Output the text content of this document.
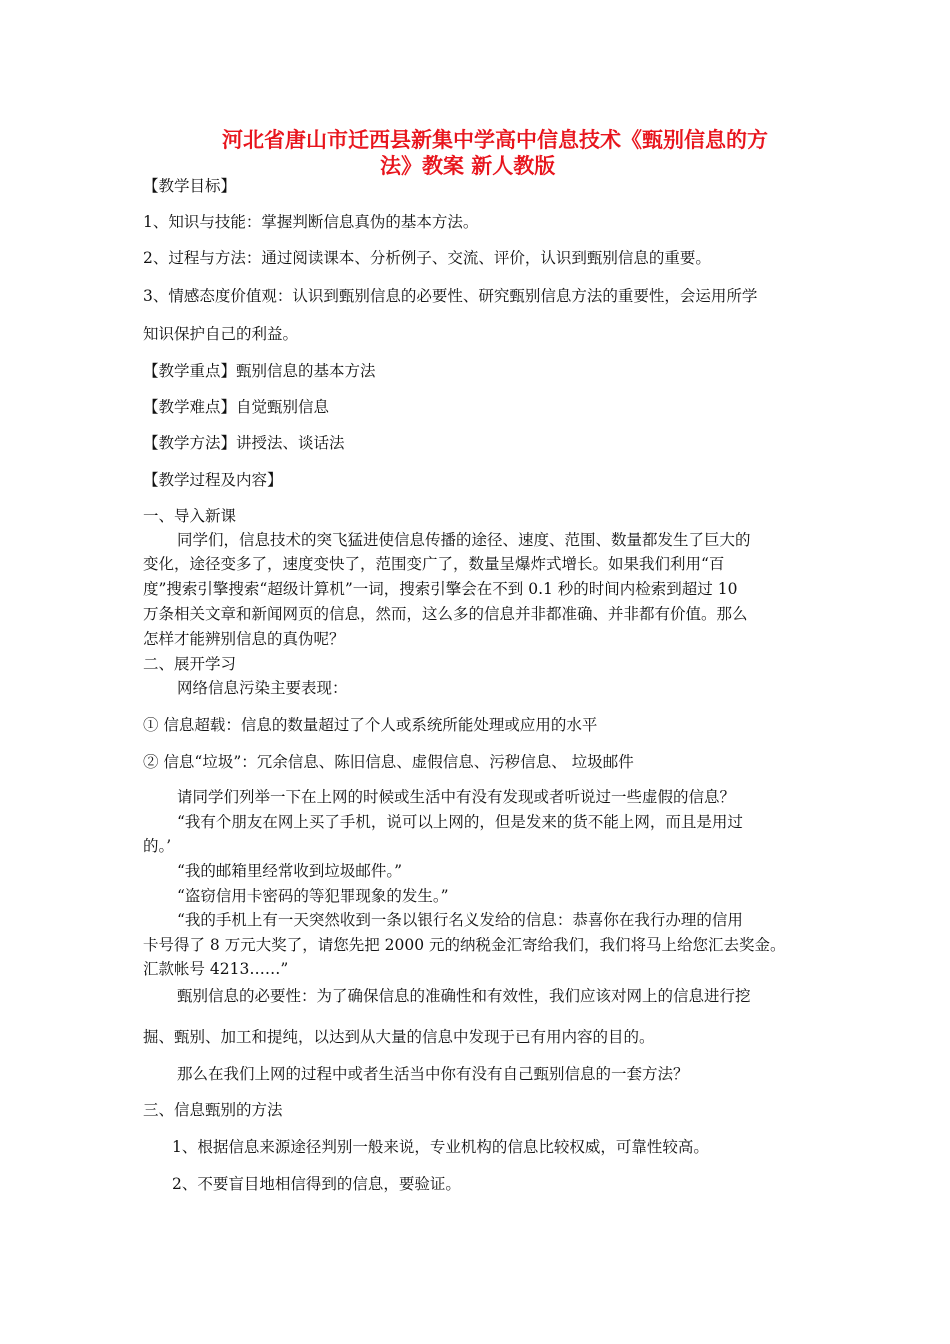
河北省唐山市迁西县新集中学高中信息技术《甄别信息的方
法》教案 新人教版
【教学目标】
1、知识与技能：掌握判断信息真伪的基本方法。
2、过程与方法：通过阅读课本、分析例子、交流、评价，认识到甄别信息的重要。
3、情感态度价值观：认识到甄别信息的必要性、研究甄别信息方法的重要性，会运用所学
知识保护自己的利益。
【教学重点】甄别信息的基本方法
【教学难点】自觉甄别信息
【教学方法】讲授法、谈话法
【教学过程及内容】
一、导入新课
同学们，信息技术的突飞猛进使信息传播的途径、速度、范围、数量都发生了巨大的
变化，途径变多了，速度变快了，范围变广了，数量呈爆炸式增长。如果我们利用“百
度”搜索引擎搜索“超级计算机”一词，搜索引擎会在不到 0.1 秒的时间内检索到超过 10
万条相关文章和新闻网页的信息，然而，这么多的信息并非都准确、并非都有价值。那么
怎样才能辨别信息的真伪呢？
二、展开学习
网络信息污染主要表现：
① 信息超载：信息的数量超过了个人或系统所能处理或应用的水平
② 信息“垃圾”：冗余信息、陈旧信息、虚假信息、污秽信息、 垃圾邮件
请同学们列举一下在上网的时候或生活中有没有发现或者听说过一些虚假的信息？
“我有个朋友在网上买了手机，说可以上网的，但是发来的货不能上网，而且是用过
的。’
“我的邮箱里经常收到垃圾邮件。”
“盗窃信用卡密码的等犯罪现象的发生。”
“我的手机上有一天突然收到一条以银行名义发给的信息：恭喜你在我行办理的信用
卡号得了 8 万元大奖了，请您先把 2000 元的纳税金汇寄给我们，我们将马上给您汇去奖金。
汇款帐号 4213……”
甄别信息的必要性：为了确保信息的准确性和有效性，我们应该对网上的信息进行挖
掘、甄别、加工和提纯，以达到从大量的信息中发现于已有用内容的目的。
那么在我们上网的过程中或者生活当中你有没有自己甄别信息的一套方法？
三、信息甄别的方法
1、根据信息来源途径判别一般来说，专业机构的信息比较权威，可靠性较高。
2、不要盲目地相信得到的信息，要验证。
